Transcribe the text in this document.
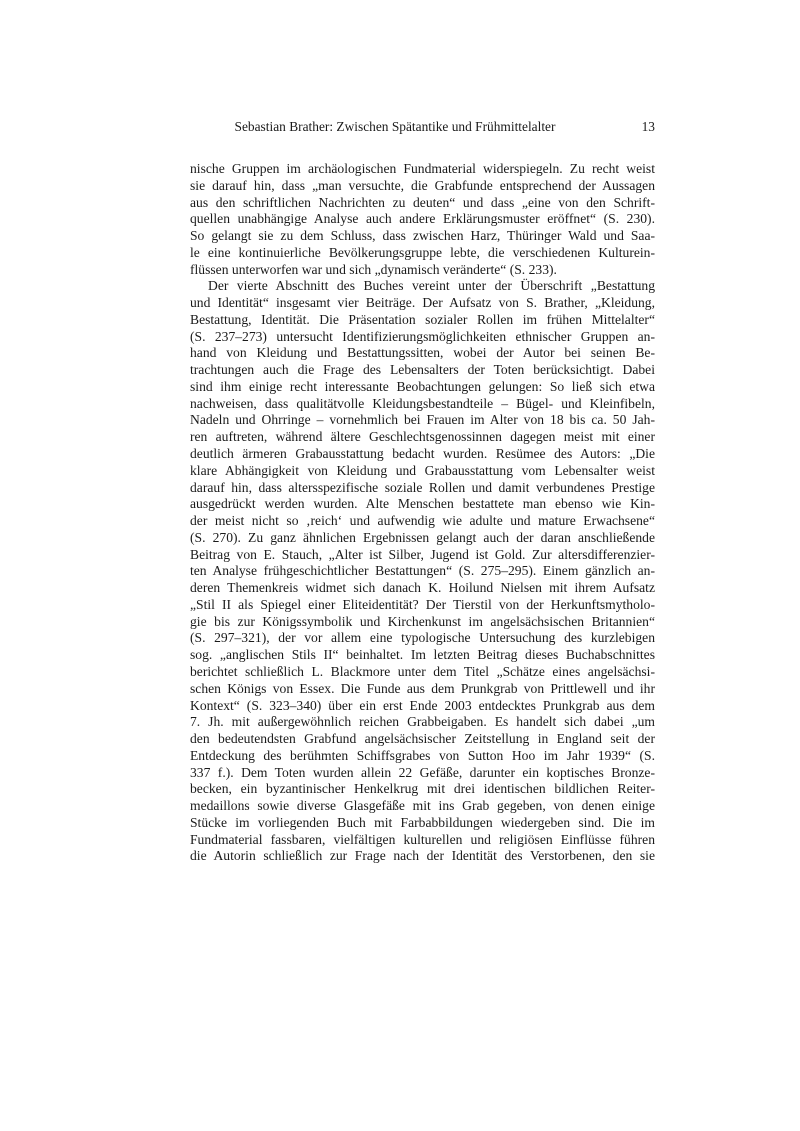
Sebastian Brather: Zwischen Spätantike und Frühmittelalter	13
nische Gruppen im archäologischen Fundmaterial widerspiegeln. Zu recht weist
sie darauf hin, dass „man versuchte, die Grabfunde entsprechend der Aussagen
aus den schriftlichen Nachrichten zu deuten“ und dass „eine von den Schrift-
quellen unabhängige Analyse auch andere Erklärungsmuster eröffnet“ (S. 230).
So gelangt sie zu dem Schluss, dass zwischen Harz, Thüringer Wald und Saa-
le eine kontinuierliche Bevölkerungsgruppe lebte, die verschiedenen Kulturein-
flüssen unterworfen war und sich „dynamisch veränderte“ (S. 233).
Der vierte Abschnitt des Buches vereint unter der Überschrift „Bestattung
und Identität“ insgesamt vier Beiträge. Der Aufsatz von S. Brather, „Kleidung,
Bestattung, Identität. Die Präsentation sozialer Rollen im frühen Mittelalter“
(S. 237–273) untersucht Identifizierungsmöglichkeiten ethnischer Gruppen an-
hand von Kleidung und Bestattungssitten, wobei der Autor bei seinen Be-
trachtungen auch die Frage des Lebensalters der Toten berücksichtigt. Dabei
sind ihm einige recht interessante Beobachtungen gelungen: So ließ sich etwa
nachweisen, dass qualitätvolle Kleidungsbestandteile – Bügel- und Kleinfibeln,
Nadeln und Ohrringe – vornehmlich bei Frauen im Alter von 18 bis ca. 50 Jah-
ren auftreten, während ältere Geschlechtsgenossinnen dagegen meist mit einer
deutlich ärmeren Grabausstattung bedacht wurden. Resümee des Autors: „Die
klare Abhängigkeit von Kleidung und Grabausstattung vom Lebensalter weist
darauf hin, dass altersspezifische soziale Rollen und damit verbundenes Prestige
ausgedrückt werden wurden. Alte Menschen bestattete man ebenso wie Kin-
der meist nicht so ‚reich‘ und aufwendig wie adulte und mature Erwachsene“
(S. 270). Zu ganz ähnlichen Ergebnissen gelangt auch der daran anschließende
Beitrag von E. Stauch, „Alter ist Silber, Jugend ist Gold. Zur altersdifferenzier-
ten Analyse frühgeschichtlicher Bestattungen“ (S. 275–295). Einem gänzlich an-
deren Themenkreis widmet sich danach K. Hoilund Nielsen mit ihrem Aufsatz
„Stil II als Spiegel einer Eliteidentität? Der Tierstil von der Herkunftsmytholo-
gie bis zur Königssymbolik und Kirchenkunst im angelsächsischen Britannien“
(S. 297–321), der vor allem eine typologische Untersuchung des kurzlebigen
sog. „anglischen Stils II“ beinhaltet. Im letzten Beitrag dieses Buchabschnittes
berichtet schließlich L. Blackmore unter dem Titel „Schätze eines angelsächsi-
schen Königs von Essex. Die Funde aus dem Prunkgrab von Prittlewell und ihr
Kontext“ (S. 323–340) über ein erst Ende 2003 entdecktes Prunkgrab aus dem
7. Jh. mit außergewöhnlich reichen Grabbeigaben. Es handelt sich dabei „um
den bedeutendsten Grabfund angelsächsischer Zeitstellung in England seit der
Entdeckung des berühmten Schiffsgrabes von Sutton Hoo im Jahr 1939“ (S.
337 f.). Dem Toten wurden allein 22 Gefäße, darunter ein koptisches Bronze-
becken, ein byzantinischer Henkelkrug mit drei identischen bildlichen Reiter-
medaillons sowie diverse Glasgefäße mit ins Grab gegeben, von denen einige
Stücke im vorliegenden Buch mit Farbabbildungen wiedergeben sind. Die im
Fundmaterial fassbaren, vielfältigen kulturellen und religiösen Einflüsse führen
die Autorin schließlich zur Frage nach der Identität des Verstorbenen, den sie
